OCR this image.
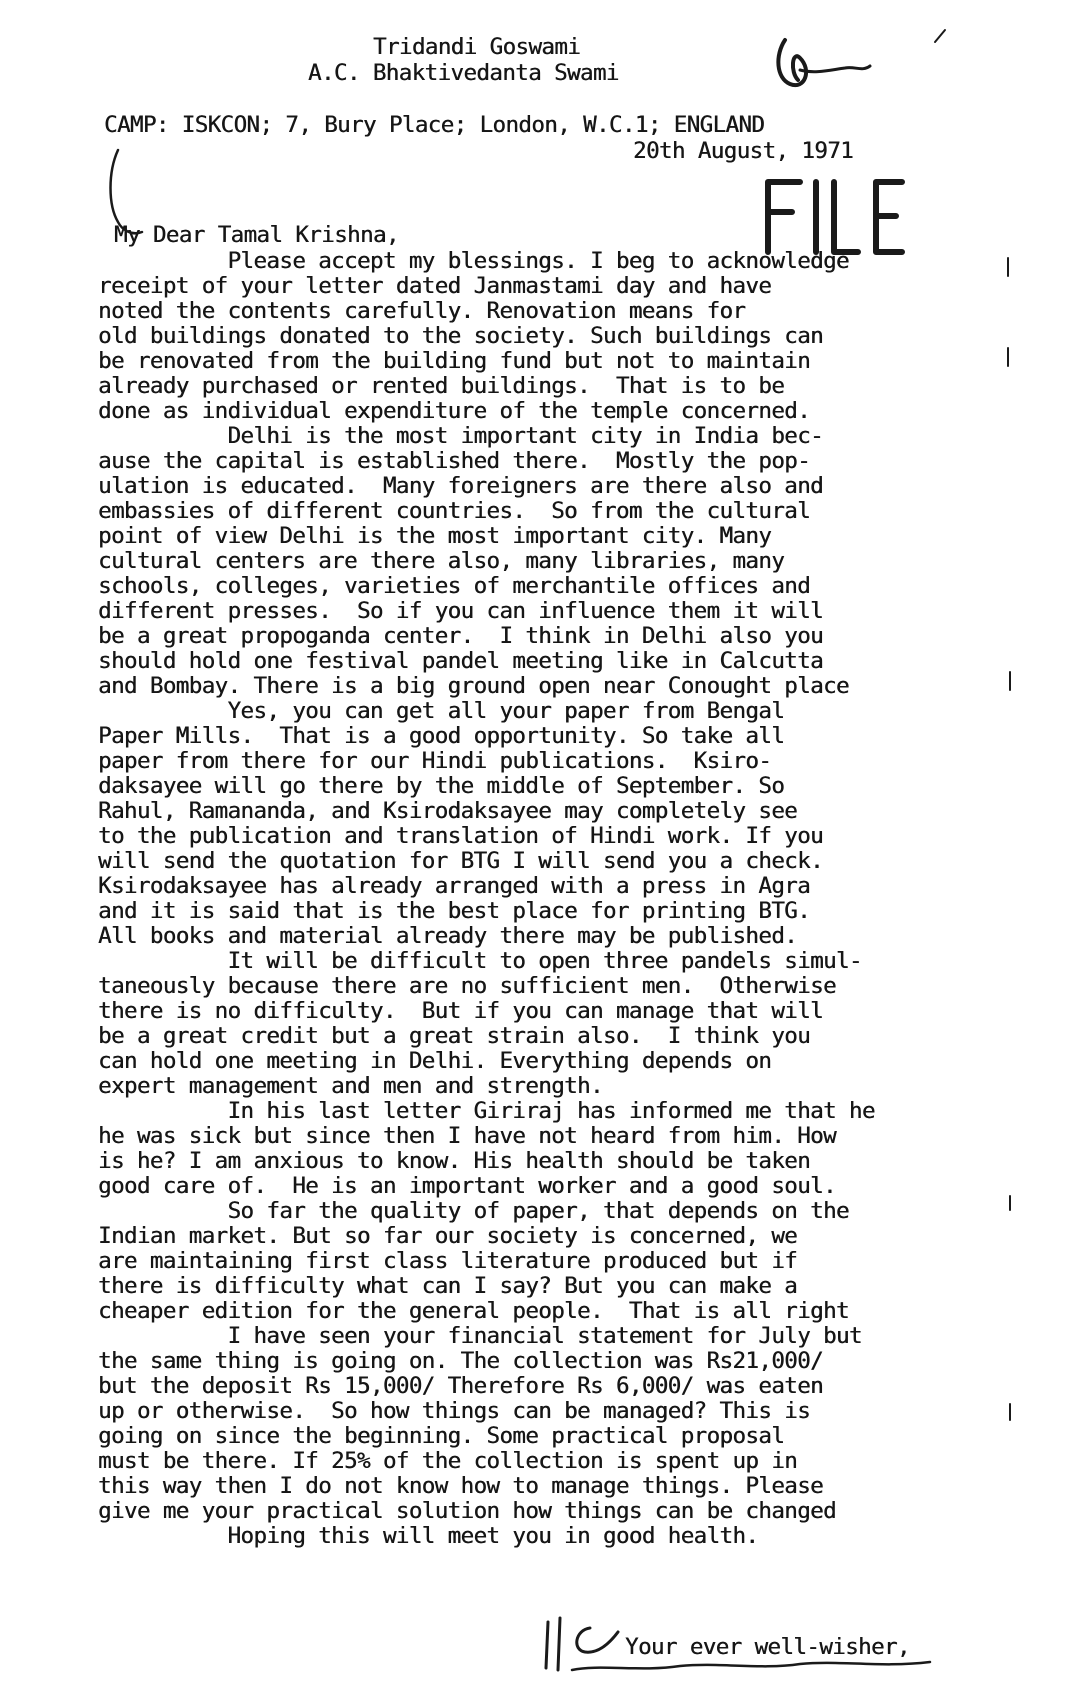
Tridandi Goswami
A.C. Bhaktivedanta Swami
CAMP: ISKCON; 7, Bury Place; London, W.C.1; ENGLAND
20th August, 1971
My Dear Tamal Krishna,
Please accept my blessings. I beg to acknowledge
receipt of your letter dated Janmastami day and have
noted the contents carefully. Renovation means for
old buildings donated to the society. Such buildings can
be renovated from the building fund but not to maintain
already purchased or rented buildings.  That is to be
done as individual expenditure of the temple concerned.
Delhi is the most important city in India bec-
ause the capital is established there.  Mostly the pop-
ulation is educated.  Many foreigners are there also and
embassies of different countries.  So from the cultural
point of view Delhi is the most important city. Many
cultural centers are there also, many libraries, many
schools, colleges, varieties of merchantile offices and
different presses.  So if you can influence them it will
be a great propoganda center.  I think in Delhi also you
should hold one festival pandel meeting like in Calcutta
and Bombay. There is a big ground open near Conought place
Yes, you can get all your paper from Bengal
Paper Mills.  That is a good opportunity. So take all
paper from there for our Hindi publications.  Ksiro-
daksayee will go there by the middle of September. So
Rahul, Ramananda, and Ksirodaksayee may completely see
to the publication and translation of Hindi work. If you
will send the quotation for BTG I will send you a check.
Ksirodaksayee has already arranged with a press in Agra
and it is said that is the best place for printing BTG.
All books and material already there may be published.
It will be difficult to open three pandels simul-
taneously because there are no sufficient men.  Otherwise
there is no difficulty.  But if you can manage that will
be a great credit but a great strain also.  I think you
can hold one meeting in Delhi. Everything depends on
expert management and men and strength.
In his last letter Giriraj has informed me that he
he was sick but since then I have not heard from him. How
is he? I am anxious to know. His health should be taken
good care of.  He is an important worker and a good soul.
So far the quality of paper, that depends on the
Indian market. But so far our society is concerned, we
are maintaining first class literature produced but if
there is difficulty what can I say? But you can make a
cheaper edition for the general people.  That is all right
I have seen your financial statement for July but
the same thing is going on. The collection was Rs21,000/
but the deposit Rs 15,000/ Therefore Rs 6,000/ was eaten
up or otherwise.  So how things can be managed? This is
going on since the beginning. Some practical proposal
must be there. If 25% of the collection is spent up in
this way then I do not know how to manage things. Please
give me your practical solution how things can be changed
Hoping this will meet you in good health.
Your ever well-wisher,
